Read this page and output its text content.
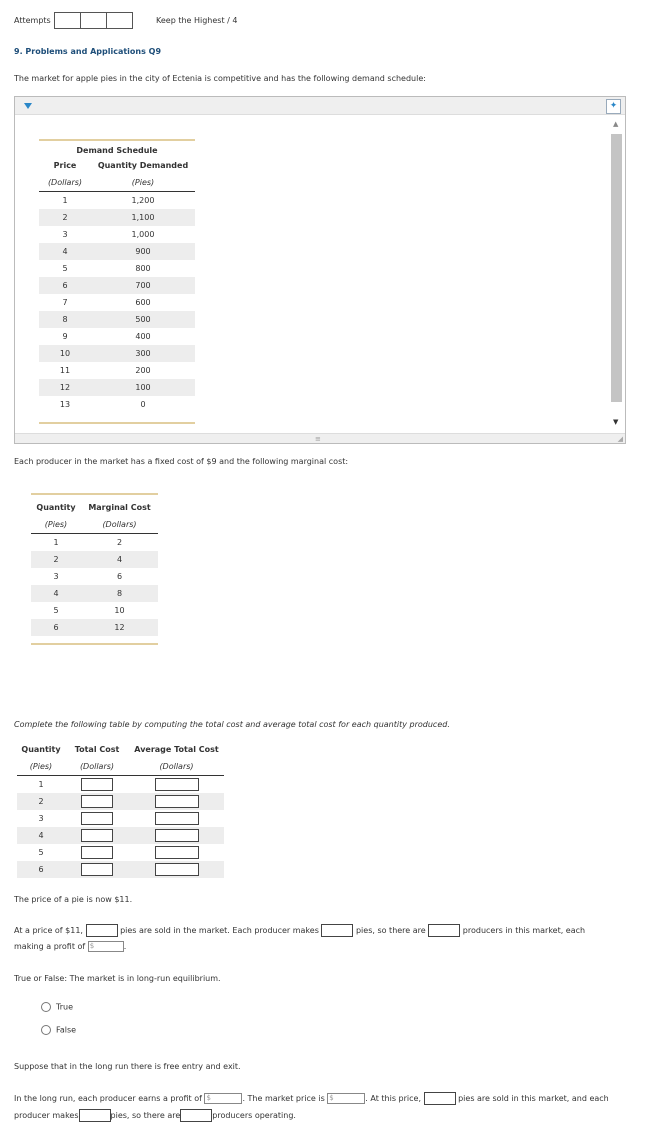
Attempts	Keep the Highest / 4
9. Problems and Applications Q9
The market for apple pies in the city of Ectenia is competitive and has the following demand schedule:
✦
▲
▼
Demand Schedule	
Price	Quantity Demanded
(Dollars)	(Pies)
1	1,200
2	1,100
3	1,000
4	900
5	800
6	700
7	600
8	500
9	400
10	300
11	200
12	100
13	0

≡	◢
Each producer in the market has a fixed cost of $9 and the following marginal cost:
Quantity	Marginal Cost
(Pies)	(Dollars)
1	2
2	4
3	6
4	8
5	10
6	12

Complete the following table by computing the total cost and average total cost for each quantity produced.
Quantity	Total Cost	Average Total Cost
(Pies)	(Dollars)	(Dollars)
1		
2		
3		
4		
5		
6		
The price of a pie is now $11.
At a price of $11,	pies are sold in the market. Each producer makes	pies, so there are	producers in this market, each
making a profit of $	.
True or False: The market is in long-run equilibrium.
True
False
Suppose that in the long run there is free entry and exit.
In the long run, each producer earns a profit of $	. The market price is $	. At this price,	pies are sold in this market, and each
producer makes	pies, so there are	producers operating.
